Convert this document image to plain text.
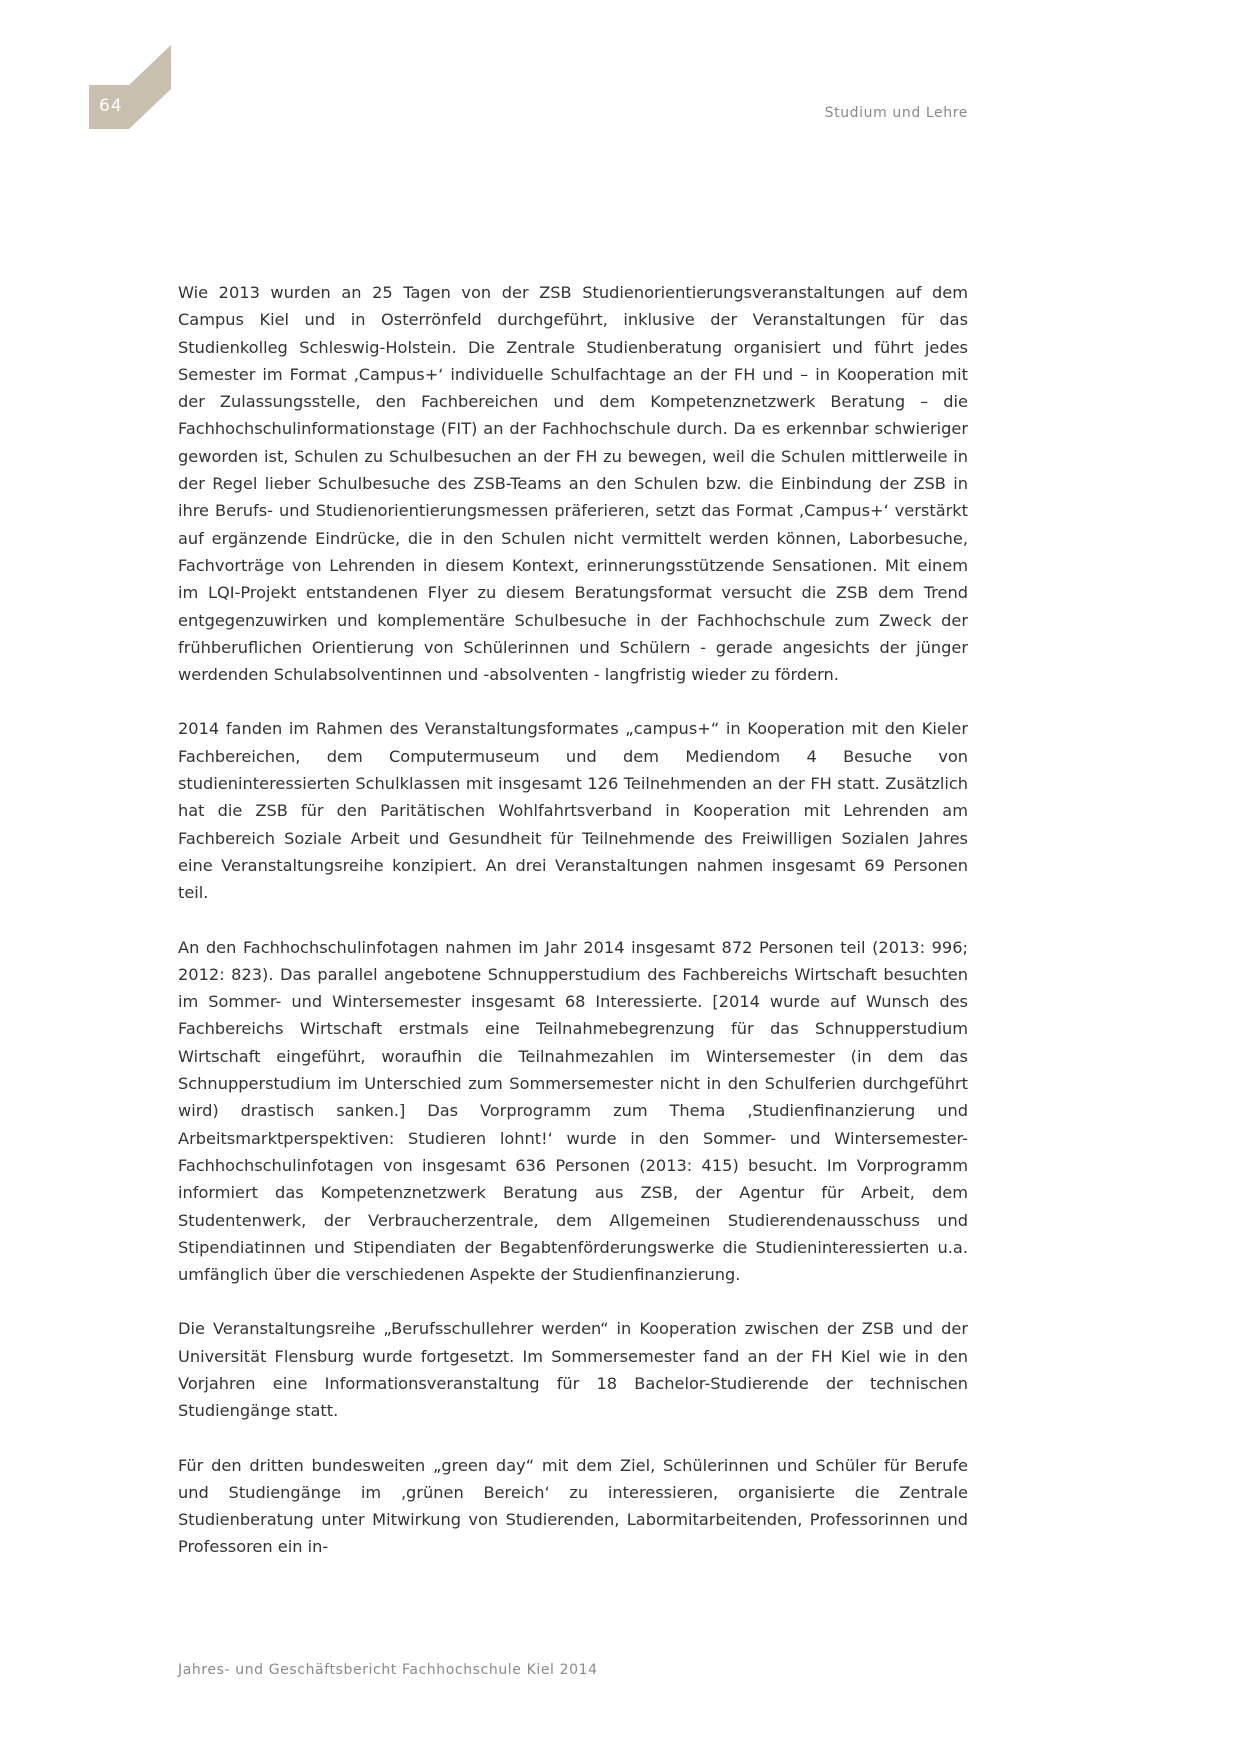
64	Studium und Lehre

Wie 2013 wurden an 25 Tagen von der ZSB Studienorientierungsveranstaltungen auf dem Campus Kiel und in Osterrönfeld durchgeführt, inklusive der Veranstaltungen für das Studienkolleg Schleswig-Holstein. Die Zentrale Studienberatung organisiert und führt jedes Semester im Format ‚Campus+‘ individuelle Schulfachtage an der FH und – in Kooperation mit der Zulassungsstelle, den Fachbereichen und dem Kompetenznetzwerk Beratung – die Fachhochschulinformationstage (FIT) an der Fachhochschule durch. Da es erkennbar schwieriger geworden ist, Schulen zu Schulbesuchen an der FH zu bewegen, weil die Schulen mittlerweile in der Regel lieber Schulbesuche des ZSB-Teams an den Schulen bzw. die Einbindung der ZSB in ihre Berufs- und Studienorientierungsmessen präferieren, setzt das Format ‚Campus+‘ verstärkt auf ergänzende Eindrücke, die in den Schulen nicht vermittelt werden können, Laborbesuche, Fachvorträge von Lehrenden in diesem Kontext, erinnerungsstützende Sensationen. Mit einem im LQI-Projekt entstandenen Flyer zu diesem Beratungsformat versucht die ZSB dem Trend entgegenzuwirken und komplementäre Schulbesuche in der Fachhochschule zum Zweck der frühberuflichen Orientierung von Schülerinnen und Schülern - gerade angesichts der jünger werdenden Schulabsolventinnen und -absolventen - langfristig wieder zu fördern.

2014 fanden im Rahmen des Veranstaltungsformates „campus+“ in Kooperation mit den Kieler Fachbereichen, dem Computermuseum und dem Mediendom 4 Besuche von studieninteressierten Schulklassen mit insgesamt 126 Teilnehmenden an der FH statt. Zusätzlich hat die ZSB für den Paritätischen Wohlfahrtsverband in Kooperation mit Lehrenden am Fachbereich Soziale Arbeit und Gesundheit für Teilnehmende des Freiwilligen Sozialen Jahres eine Veranstaltungsreihe konzipiert. An drei Veranstaltungen nahmen insgesamt 69 Personen teil.

An den Fachhochschulinfotagen nahmen im Jahr 2014 insgesamt 872 Personen teil (2013: 996; 2012: 823). Das parallel angebotene Schnupperstudium des Fachbereichs Wirtschaft besuchten im Sommer- und Wintersemester insgesamt 68 Interessierte. [2014 wurde auf Wunsch des Fachbereichs Wirtschaft erstmals eine Teilnahmebegrenzung für das Schnupperstudium Wirtschaft eingeführt, woraufhin die Teilnahmezahlen im Wintersemester (in dem das Schnupperstudium im Unterschied zum Sommersemester nicht in den Schulferien durchgeführt wird) drastisch sanken.] Das Vorprogramm zum Thema ‚Studienfinanzierung und Arbeitsmarktperspektiven: Studieren lohnt!‘ wurde in den Sommer- und Wintersemester-Fachhochschulinfotagen von insgesamt 636 Personen (2013: 415) besucht. Im Vorprogramm informiert das Kompetenznetzwerk Beratung aus ZSB, der Agentur für Arbeit, dem Studentenwerk, der Verbraucherzentrale, dem Allgemeinen Studierendenausschuss und Stipendiatinnen und Stipendiaten der Begabtenförderungswerke die Studieninteressierten u.a. umfänglich über die verschiedenen Aspekte der Studienfinanzierung.

Die Veranstaltungsreihe „Berufsschullehrer werden“ in Kooperation zwischen der ZSB und der Universität Flensburg wurde fortgesetzt. Im Sommersemester fand an der FH Kiel wie in den Vorjahren eine Informationsveranstaltung für 18 Bachelor-Studierende der technischen Studiengänge statt.

Für den dritten bundesweiten „green day“ mit dem Ziel, Schülerinnen und Schüler für Berufe und Studiengänge im ‚grünen Bereich‘ zu interessieren, organisierte die Zentrale Studienberatung unter Mitwirkung von Studierenden, Labormitarbeitenden, Professorinnen und Professoren ein in-

Jahres- und Geschäftsbericht Fachhochschule Kiel 2014
